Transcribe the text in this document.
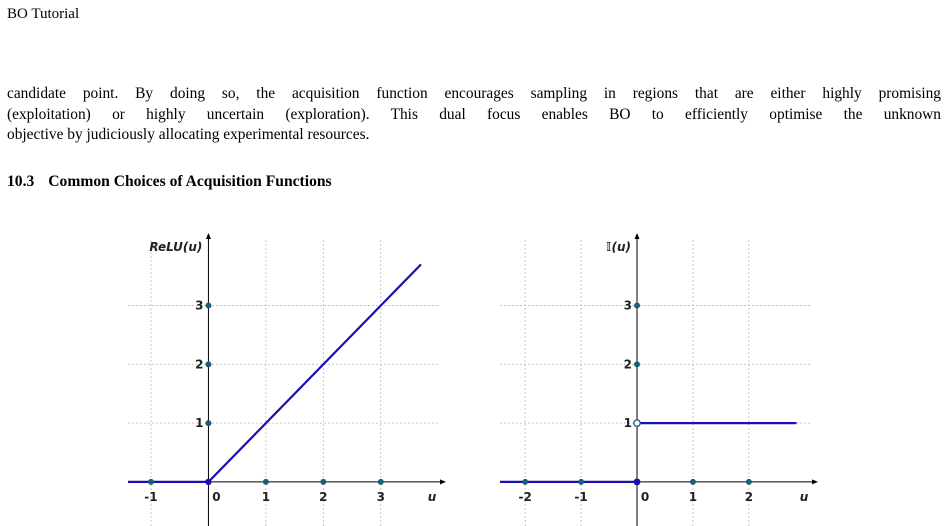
BO Tutorial
candidate point. By doing so, the acquisition function encourages sampling in regions that are either highly promising
(exploitation) or highly uncertain (exploration). This dual focus enables BO to efficiently optimise the unknown
objective by judiciously allocating experimental resources.
10.3 Common Choices of Acquisition Functions
ReLU(u)
u
-1	0	1	2	3
1
2
3
𝕀(u)
u
-2	-1	0	1	2
1
2
3
